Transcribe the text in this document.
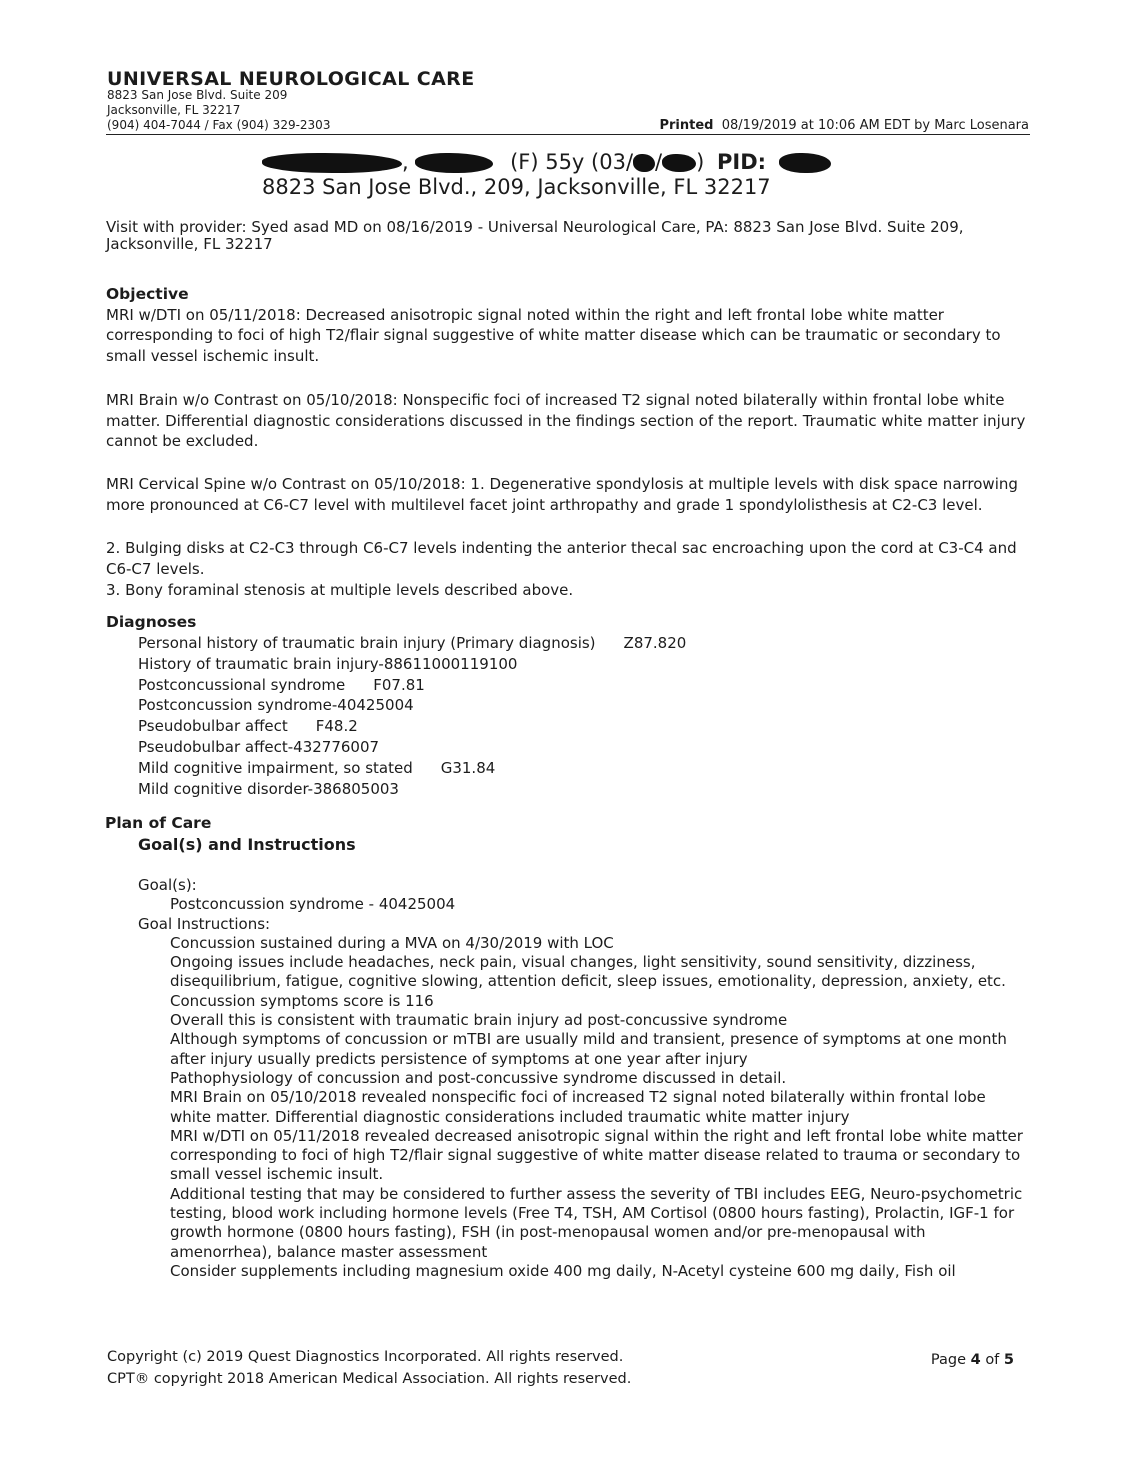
UNIVERSAL NEUROLOGICAL CARE
8823 San Jose Blvd. Suite 209
Jacksonville, FL 32217
(904) 404-7044 / Fax (904) 329-2303	Printed 08/19/2019 at 10:06 AM EDT by Marc Losenara
,	(F) 55y (03/ / ) PID:
8823 San Jose Blvd., 209, Jacksonville, FL 32217
Visit with provider: Syed asad MD on 08/16/2019 - Universal Neurological Care, PA: 8823 San Jose Blvd. Suite 209, Jacksonville, FL 32217
Objective

MRI w/DTI on 05/11/2018: Decreased anisotropic signal noted within the right and left frontal lobe white matter corresponding to foci of high T2/flair signal suggestive of white matter disease which can be traumatic or secondary to small vessel ischemic insult.

MRI Brain w/o Contrast on 05/10/2018: Nonspecific foci of increased T2 signal noted bilaterally within frontal lobe white matter. Differential diagnostic considerations discussed in the findings section of the report. Traumatic white matter injury cannot be excluded.
MRI Cervical Spine w/o Contrast on 05/10/2018: 1. Degenerative spondylosis at multiple levels with disk space narrowing more pronounced at C6-C7 level with multilevel facet joint arthropathy and grade 1 spondylolisthesis at C2-C3 level.
2. Bulging disks at C2-C3 through C6-C7 levels indenting the anterior thecal sac encroaching upon the cord at C3-C4 and C6-C7 levels.
3. Bony foraminal stenosis at multiple levels described above.
Diagnoses
Personal history of traumatic brain injury (Primary diagnosis) Z87.820
History of traumatic brain injury-88611000119100
Postconcussional syndrome F07.81
Postconcussion syndrome-40425004
Pseudobulbar affect F48.2
Pseudobulbar affect-432776007
Mild cognitive impairment, so stated G31.84
Mild cognitive disorder-386805003
Plan of Care
Goal(s) and Instructions
Goal(s):
Postconcussion syndrome - 40425004
Goal Instructions:
Concussion sustained during a MVA on 4/30/2019 with LOC
Ongoing issues include headaches, neck pain, visual changes, light sensitivity, sound sensitivity, dizziness, disequilibrium, fatigue, cognitive slowing, attention deficit, sleep issues, emotionality, depression, anxiety, etc.
Concussion symptoms score is 116
Overall this is consistent with traumatic brain injury ad post-concussive syndrome
Although symptoms of concussion or mTBI are usually mild and transient, presence of symptoms at one month after injury usually predicts persistence of symptoms at one year after injury
Pathophysiology of concussion and post-concussive syndrome discussed in detail.
MRI Brain on 05/10/2018 revealed nonspecific foci of increased T2 signal noted bilaterally within frontal lobe white matter. Differential diagnostic considerations included traumatic white matter injury
MRI w/DTI on 05/11/2018 revealed decreased anisotropic signal within the right and left frontal lobe white matter corresponding to foci of high T2/flair signal suggestive of white matter disease related to trauma or secondary to small vessel ischemic insult.
Additional testing that may be considered to further assess the severity of TBI includes EEG, Neuro-psychometric testing, blood work including hormone levels (Free T4, TSH, AM Cortisol (0800 hours fasting), Prolactin, IGF-1 for growth hormone (0800 hours fasting), FSH (in post-menopausal women and/or pre-menopausal with amenorrhea), balance master assessment
Consider supplements including magnesium oxide 400 mg daily, N-Acetyl cysteine 600 mg daily, Fish oil
Copyright (c) 2019 Quest Diagnostics Incorporated. All rights reserved.
CPT® copyright 2018 American Medical Association. All rights reserved.
Page 4 of 5
